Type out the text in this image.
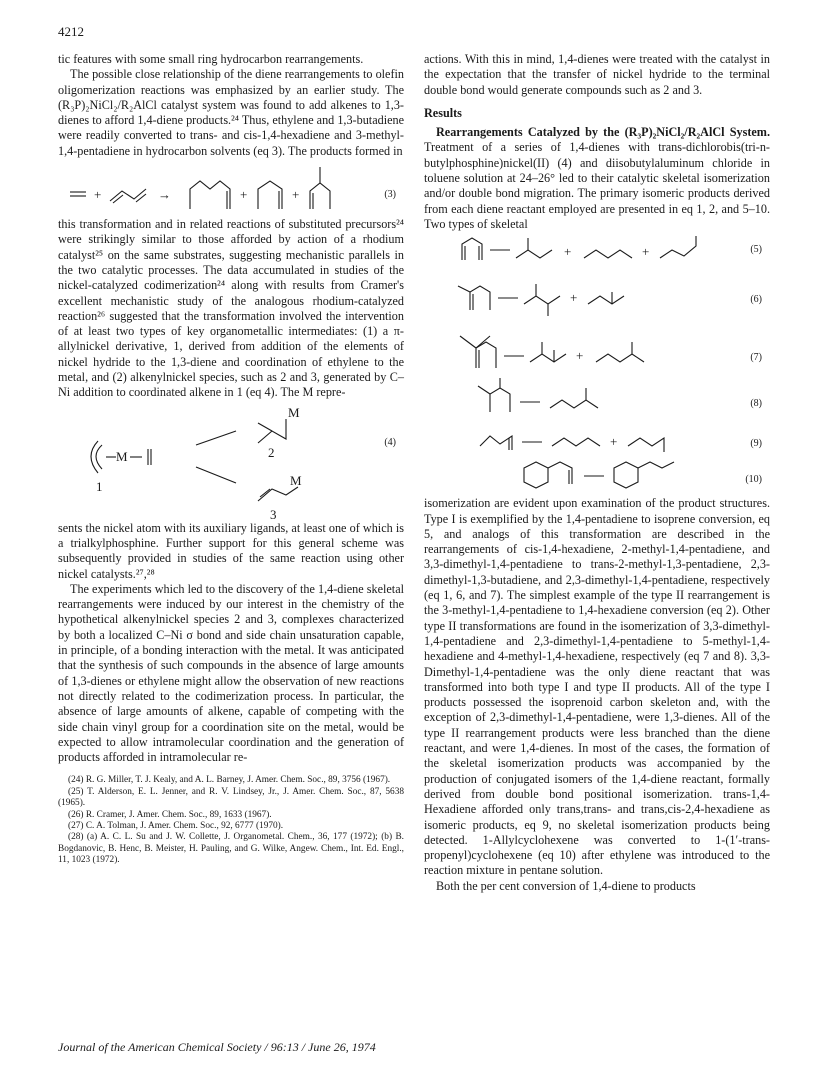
4212

tic features with some small ring hydrocarbon rearrangements.

The possible close relationship of the diene rearrangements to olefin oligomerization reactions was emphasized by an earlier study. The (R₃P)₂NiCl₂/R₂AlCl catalyst system was found to add alkenes to 1,3-dienes to afford 1,4-diene products.²⁴ Thus, ethylene and 1,3-butadiene were readily converted to trans- and cis-1,4-hexadiene and 3-methyl-1,4-pentadiene in hydrocarbon solvents (eq 3). The products formed in

+	→	+	+	(3)

this transformation and in related reactions of substituted precursors²⁴ were strikingly similar to those afforded by action of a rhodium catalyst²⁵ on the same substrates, suggesting mechanistic parallels in the two catalytic processes. The data accumulated in studies of the nickel-catalyzed codimerization²⁴ along with results from Cramer's excellent mechanistic study of the analogous rhodium-catalyzed reaction²⁶ suggested that the transformation involved the intervention of at least two types of key organometallic intermediates: (1) a π-allylnickel derivative, 1, derived from addition of the elements of nickel hydride to the 1,3-diene and coordination of ethylene to the metal, and (2) alkenylnickel species, such as 2 and 3, generated by C–Ni addition to coordinated alkene in 1 (eq 4). The M repre-

M
1
M
2
M
3
(4)

sents the nickel atom with its auxiliary ligands, at least one of which is a trialkylphosphine. Further support for this general scheme was subsequently provided in studies of the same reaction using other nickel catalysts.²⁷,²⁸

The experiments which led to the discovery of the 1,4-diene skeletal rearrangements were induced by our interest in the chemistry of the hypothetical alkenylnickel species 2 and 3, complexes characterized by both a localized C–Ni σ bond and side chain unsaturation capable, in principle, of a bonding interaction with the metal. It was anticipated that the synthesis of such compounds in the absence of large amounts of 1,3-dienes or ethylene might allow the observation of new reactions not directly related to the codimerization process. In particular, the absence of large amounts of alkene, capable of competing with the side chain vinyl group for a coordination site on the metal, would be expected to allow intramolecular coordination and the generation of products afforded in intramolecular re-

(24) R. G. Miller, T. J. Kealy, and A. L. Barney, J. Amer. Chem. Soc., 89, 3756 (1967).

(25) T. Alderson, E. L. Jenner, and R. V. Lindsey, Jr., J. Amer. Chem. Soc., 87, 5638 (1965).

(26) R. Cramer, J. Amer. Chem. Soc., 89, 1633 (1967).

(27) C. A. Tolman, J. Amer. Chem. Soc., 92, 6777 (1970).

(28) (a) A. C. L. Su and J. W. Collette, J. Organometal. Chem., 36, 177 (1972); (b) B. Bogdanovic, B. Henc, B. Meister, H. Pauling, and G. Wilke, Angew. Chem., Int. Ed. Engl., 11, 1023 (1972).

actions. With this in mind, 1,4-dienes were treated with the catalyst in the expectation that the transfer of nickel hydride to the terminal double bond would generate compounds such as 2 and 3.

Results

Rearrangements Catalyzed by the (R₃P)₂NiCl₂/R₂AlCl System. Treatment of a series of 1,4-dienes with trans-dichlorobis(tri-n-butylphosphine)nickel(II) (4) and diisobutylaluminum chloride in toluene solution at 24–26° led to their catalytic skeletal isomerization and/or double bond migration. The primary isomeric products derived from each diene reactant employed are presented in eq 1, 2, and 5–10. Two types of skeletal

+	+
+
+
+
(5)
(6)
(7)
(8)
(9)
(10)

isomerization are evident upon examination of the product structures. Type I is exemplified by the 1,4-pentadiene to isoprene conversion, eq 5, and analogs of this transformation are described in the rearrangements of cis-1,4-hexadiene, 2-methyl-1,4-pentadiene, and 3,3-dimethyl-1,4-pentadiene to trans-2-methyl-1,3-pentadiene, 2,3-dimethyl-1,3-butadiene, and 2,3-dimethyl-1,4-pentadiene, respectively (eq 1, 6, and 7). The simplest example of the type II rearrangement is the 3-methyl-1,4-pentadiene to 1,4-hexadiene conversion (eq 2). Other type II transformations are found in the isomerization of 3,3-dimethyl-1,4-pentadiene and 2,3-dimethyl-1,4-pentadiene to 5-methyl-1,4-hexadiene and 4-methyl-1,4-hexadiene, respectively (eq 7 and 8). 3,3-Dimethyl-1,4-pentadiene was the only diene reactant that was transformed into both type I and type II products. All of the type I products possessed the isoprenoid carbon skeleton and, with the exception of 2,3-dimethyl-1,4-pentadiene, were 1,3-dienes. All of the type II rearrangement products were less branched than the diene reactant, and were 1,4-dienes. In most of the cases, the formation of the skeletal isomerization products was accompanied by the production of conjugated isomers of the 1,4-diene reactant, formally derived from double bond positional isomerization. trans-1,4-Hexadiene afforded only trans,trans- and trans,cis-2,4-hexadiene as isomeric products, eq 9, no skeletal isomerization products being detected. 1-Allylcyclohexene was converted to 1-(1′-trans-propenyl)cyclohexene (eq 10) after ethylene was introduced to the reaction mixture in pentane solution.

Both the per cent conversion of 1,4-diene to products

Journal of the American Chemical Society / 96:13 / June 26, 1974
